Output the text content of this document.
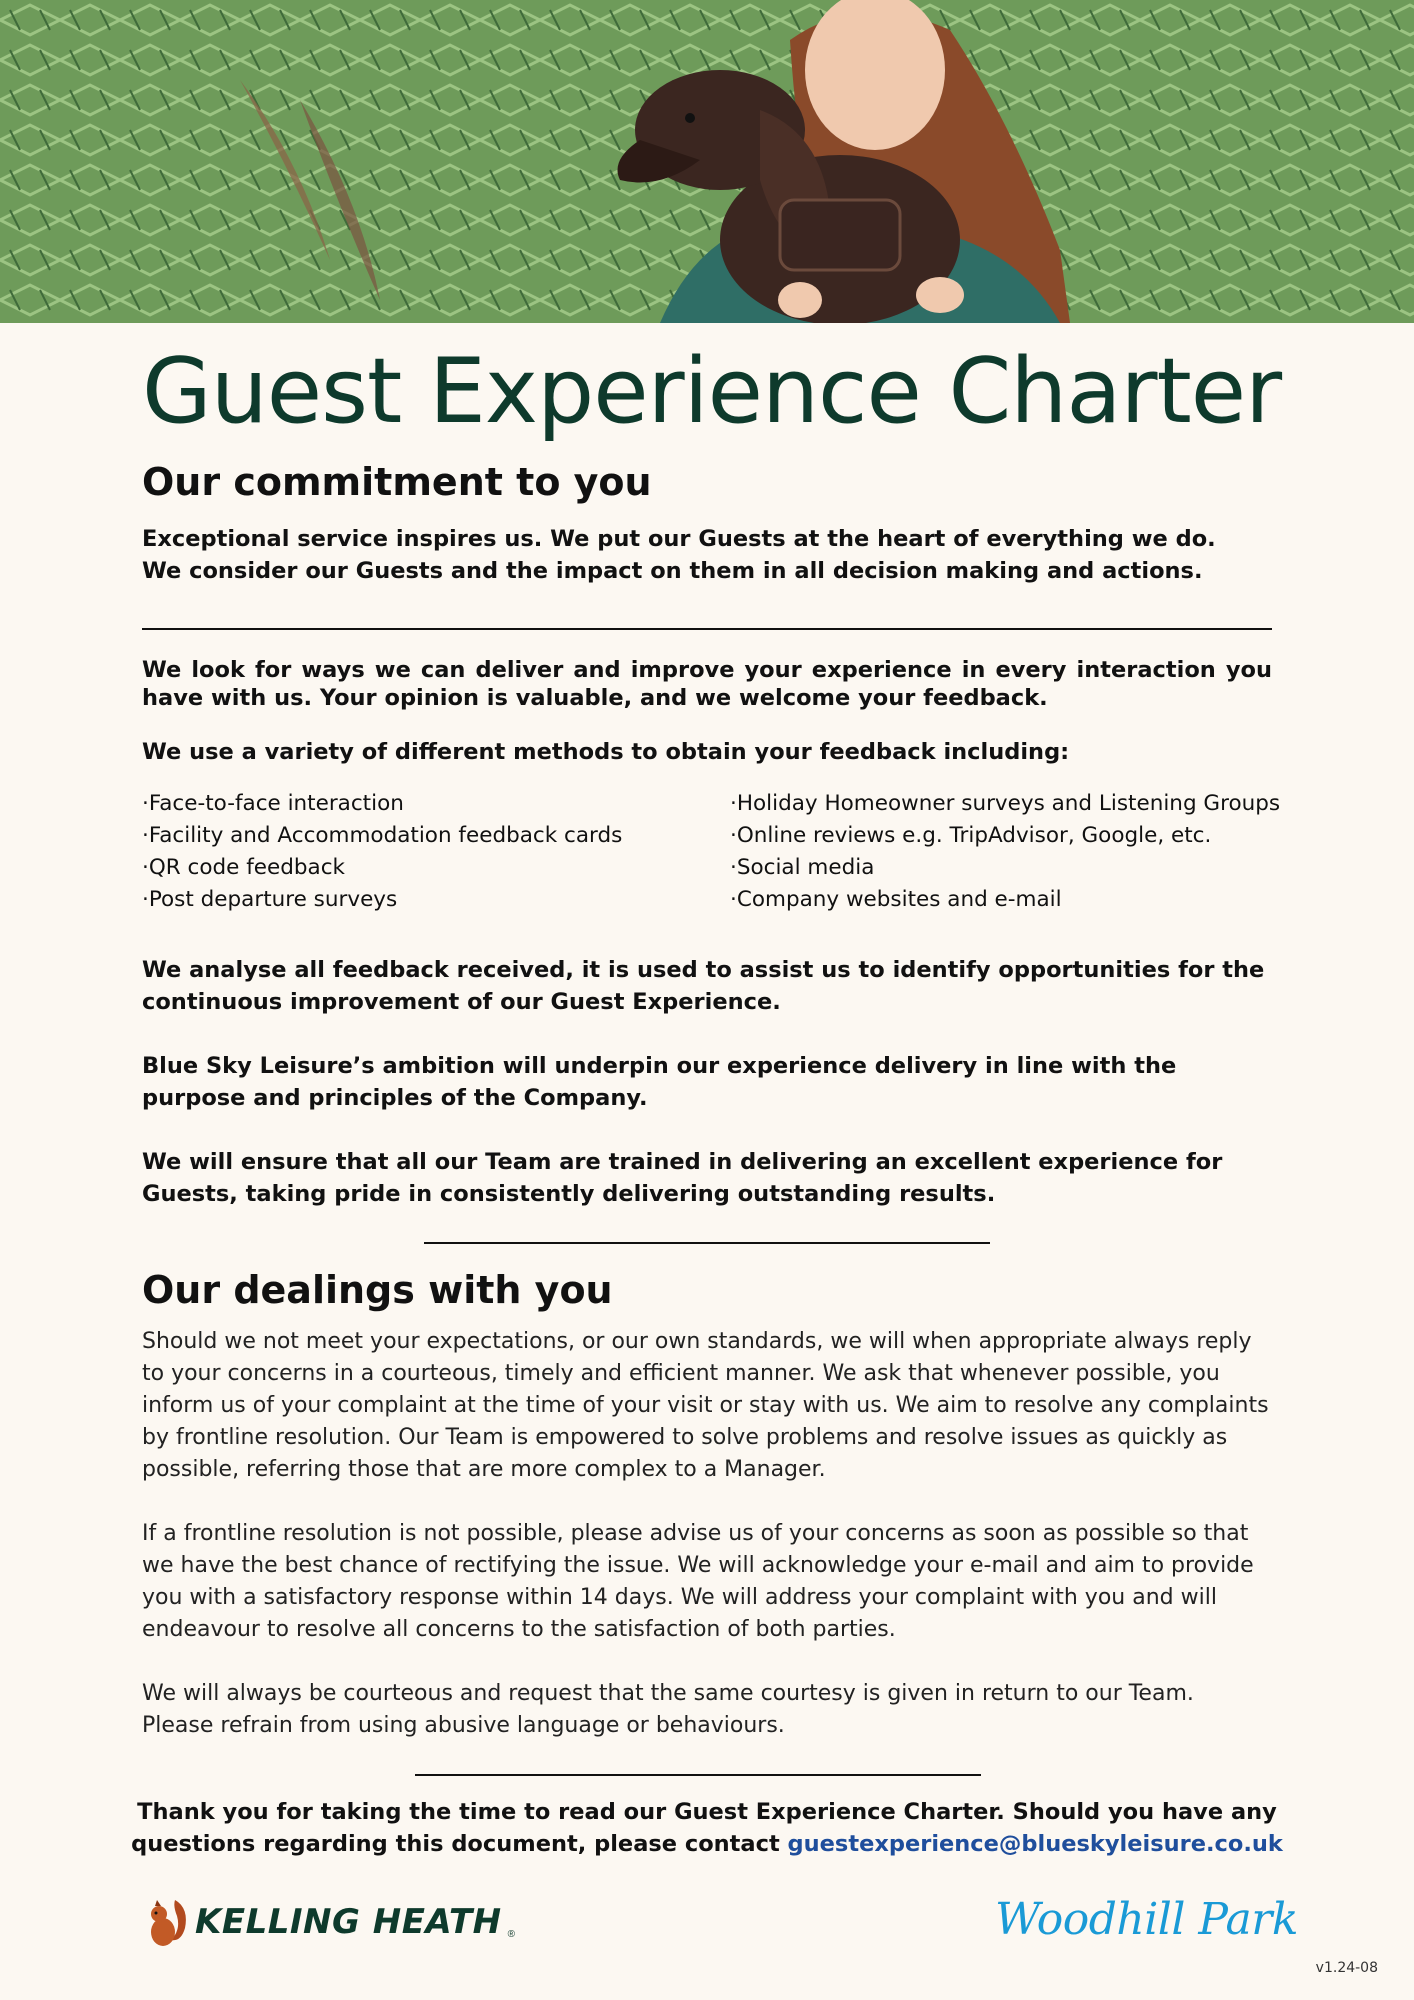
Guest Experience Charter
Our commitment to you

Exceptional service inspires us. We put our Guests at the heart of everything we do.

We consider our Guests and the impact on them in all decision making and actions.

We look for ways we can deliver and improve your experience in every interaction you have with us. Your opinion is valuable, and we welcome your feedback.

We use a variety of different methods to obtain your feedback including:

·Face-to-face interaction
·Facility and Accommodation feedback cards
·QR code feedback
·Post departure surveys
·Holiday Homeowner surveys and Listening Groups
·Online reviews e.g. TripAdvisor, Google, etc.
·Social media
·Company websites and e-mail

We analyse all feedback received, it is used to assist us to identify opportunities for the continuous improvement of our Guest Experience.

Blue Sky Leisure’s ambition will underpin our experience delivery in line with the purpose and principles of the Company.

We will ensure that all our Team are trained in delivering an excellent experience for Guests, taking pride in consistently delivering outstanding results.

Our dealings with you

Should we not meet your expectations, or our own standards, we will when appropriate always reply to your concerns in a courteous, timely and efficient manner. We ask that whenever possible, you inform us of your complaint at the time of your visit or stay with us. We aim to resolve any complaints by frontline resolution. Our Team is empowered to solve problems and resolve issues as quickly as possible, referring those that are more complex to a Manager.

If a frontline resolution is not possible, please advise us of your concerns as soon as possible so that we have the best chance of rectifying the issue. We will acknowledge your e-mail and aim to provide you with a satisfactory response within 14 days. We will address your complaint with you and will endeavour to resolve all concerns to the satisfaction of both parties.

We will always be courteous and request that the same courtesy is given in return to our Team. Please refrain from using abusive language or behaviours.

Thank you for taking the time to read our Guest Experience Charter. Should you have any questions regarding this document, please contact guestexperience@blueskyleisure.co.uk

KELLING HEATH ®	Woodhill Park
v1.24-08
